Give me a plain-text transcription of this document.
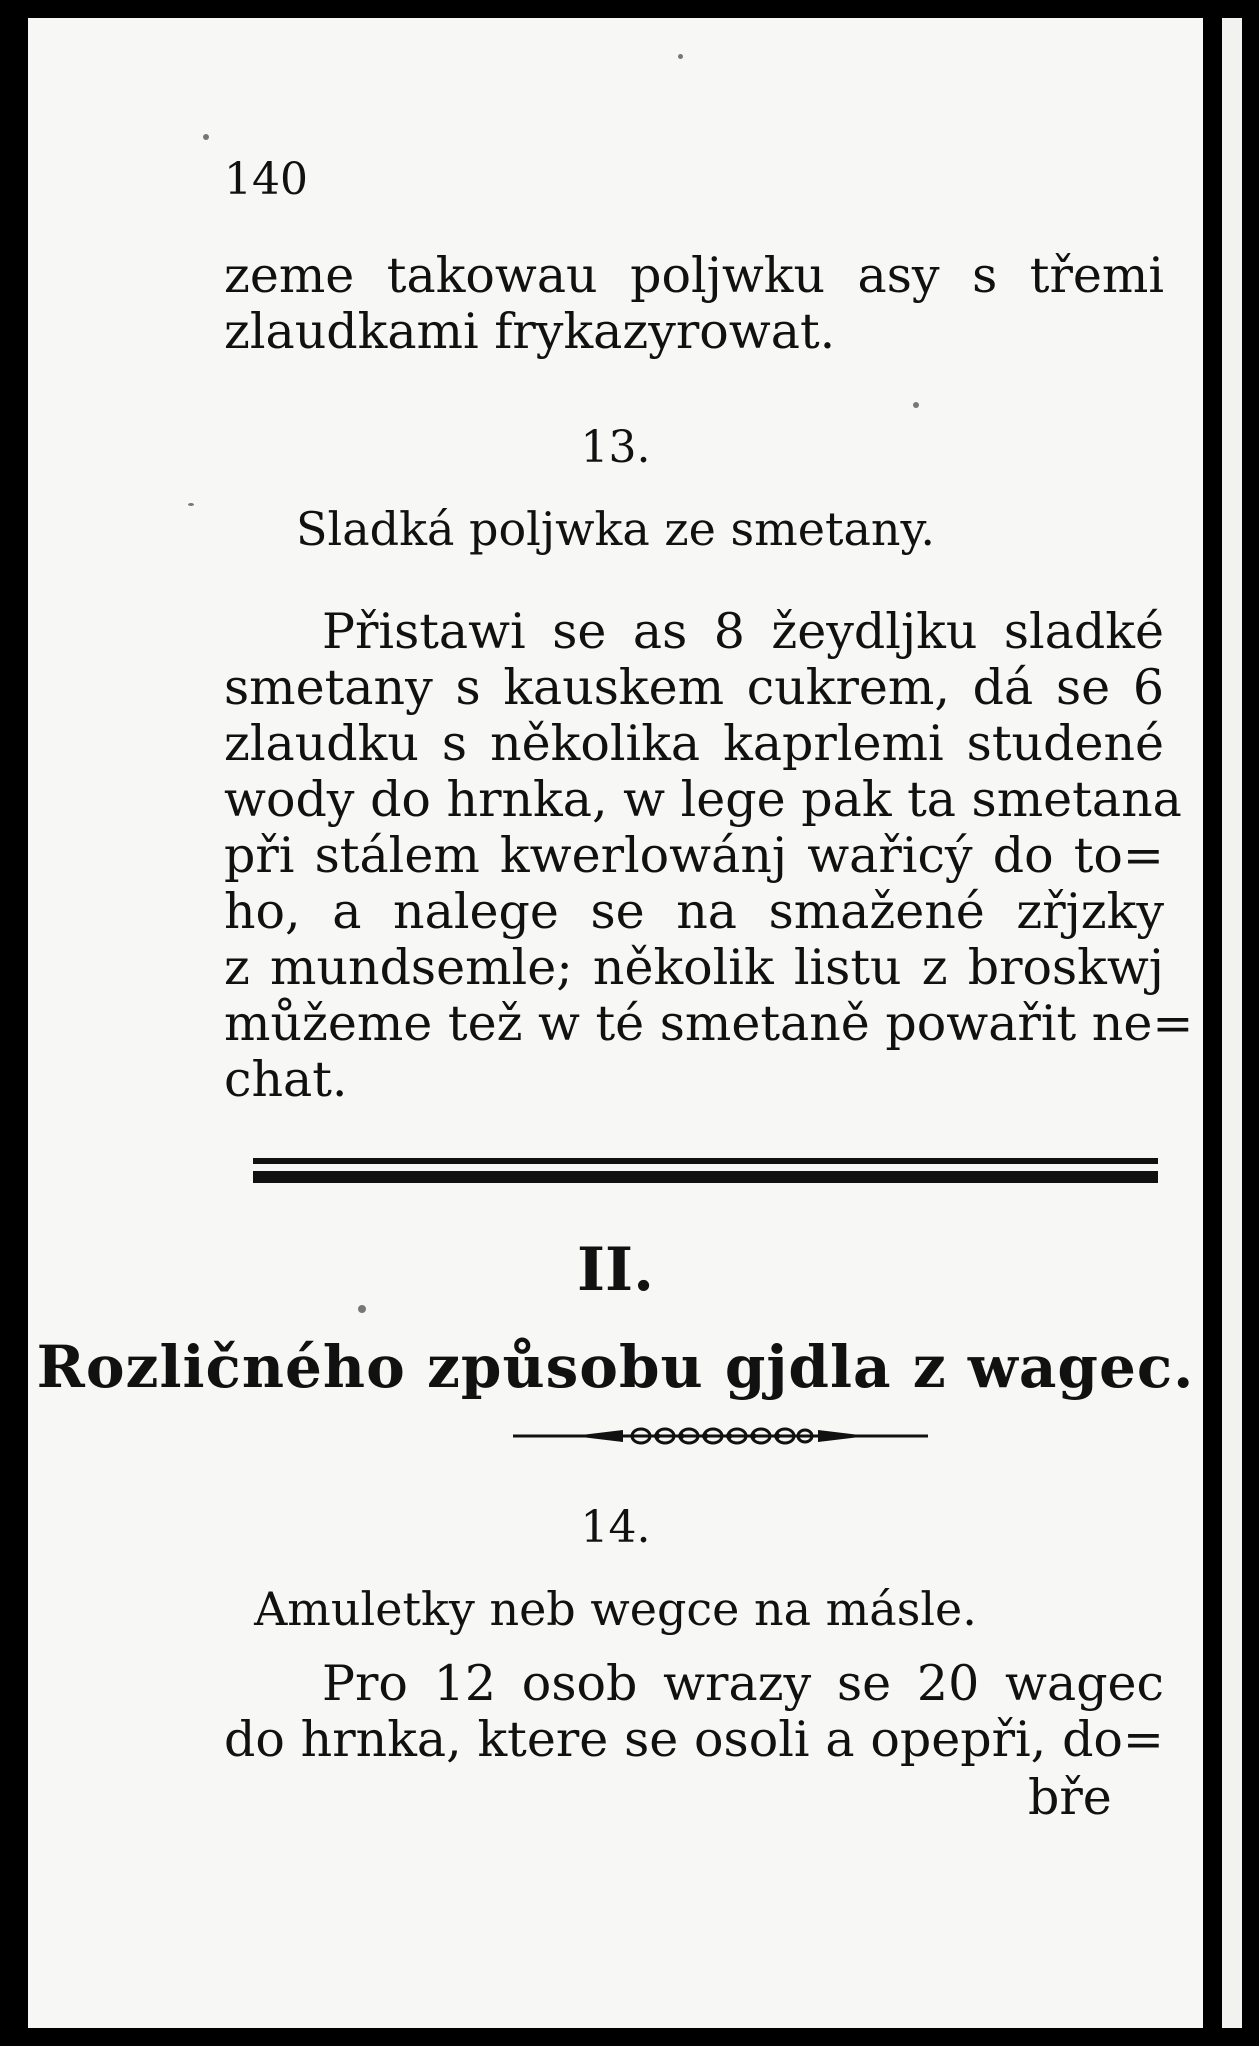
140
zeme takowau poljwku asy s třemi
zlaudkami frykazyrowat.
13.
Sladká poljwka ze smetany.
Přistawi se as 8 žeydljku sladké
smetany s kauskem cukrem, dá se 6
zlaudku s několika kaprlemi studené
wody do hrnka, w lege pak ta smetana
při stálem kwerlowánj wařicý do to=
ho, a nalege se na smažené zřjzky
z mundsemle; několik listu z broskwj
můžeme tež w té smetaně powařit ne=
chat.
II.
Rozličného způsobu gjdla z wagec.
14.
Amuletky neb wegce na másle.
Pro 12 osob wrazy se 20 wagec
do hrnka, ktere se osoli a opepři, do=
bře
